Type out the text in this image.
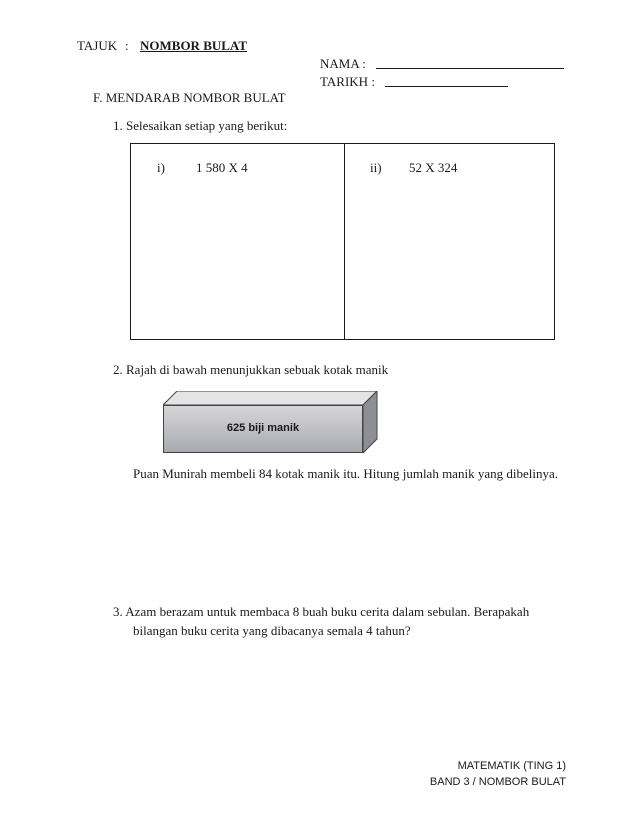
TAJUK : NOMBOR BULAT
NAMA :
TARIKH :
F. MENDARAB NOMBOR BULAT
1. Selesaikan setiap yang berikut:
i) 1 580 X 4	ii) 52 X 324
2. Rajah di bawah menunjukkan sebuak kotak manik
625 biji manik
Puan Munirah membeli 84 kotak manik itu. Hitung jumlah manik yang dibelinya.
3. Azam berazam untuk membaca 8 buah buku cerita dalam sebulan. Berapakah
bilangan buku cerita yang dibacanya semala 4 tahun?
MATEMATIK (TING 1)
BAND 3 / NOMBOR BULAT
